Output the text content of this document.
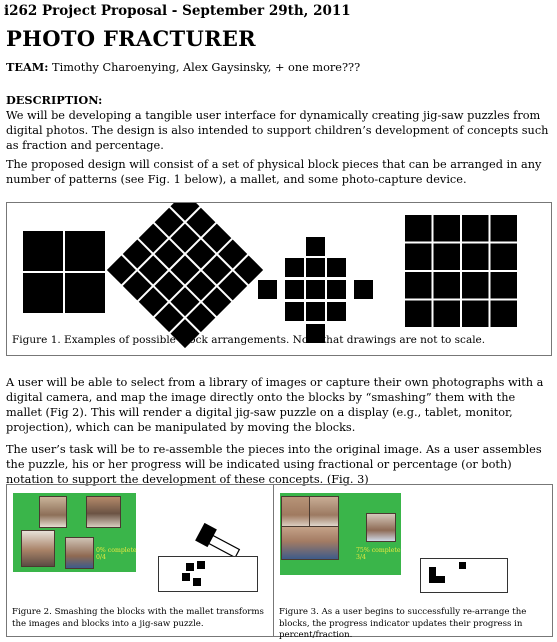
i262 Project Proposal - September 29th, 2011
PHOTO FRACTURER
TEAM: Timothy Charoenying, Alex Gaysinsky, + one more???
DESCRIPTION:
We will be developing a tangible user interface for dynamically creating jig-saw puzzles from digital photos. The design is also intended to support children’s development of concepts such as fraction and percentage.
The proposed design will consist of a set of physical block pieces that can be arranged in any number of patterns (see Fig. 1 below), a mallet, and some photo-capture device.
Figure 1. Examples of possible block arrangements. Note that drawings are not to scale.
A user will be able to select from a library of images or capture their own photographs with a digital camera, and map the image directly onto the blocks by “smashing” them with the mallet (Fig 2). This will render a digital jig-saw puzzle on a display (e.g., tablet, monitor, projection), which can be manipulated by moving the blocks.
The user’s task will be to re-assemble the pieces into the original image. As a user assembles the puzzle, his or her progress will be indicated using fractional or percentage (or both) notation to support the development of these concepts. (Fig. 3)
0% complete
0/4
Figure 2. Smashing the blocks with the mallet transforms the images and blocks into a jig-saw puzzle.
75% complete
3/4
Figure 3. As a user begins to successfully re-arrange the blocks, the progress indicator updates their progress in percent/fraction.
